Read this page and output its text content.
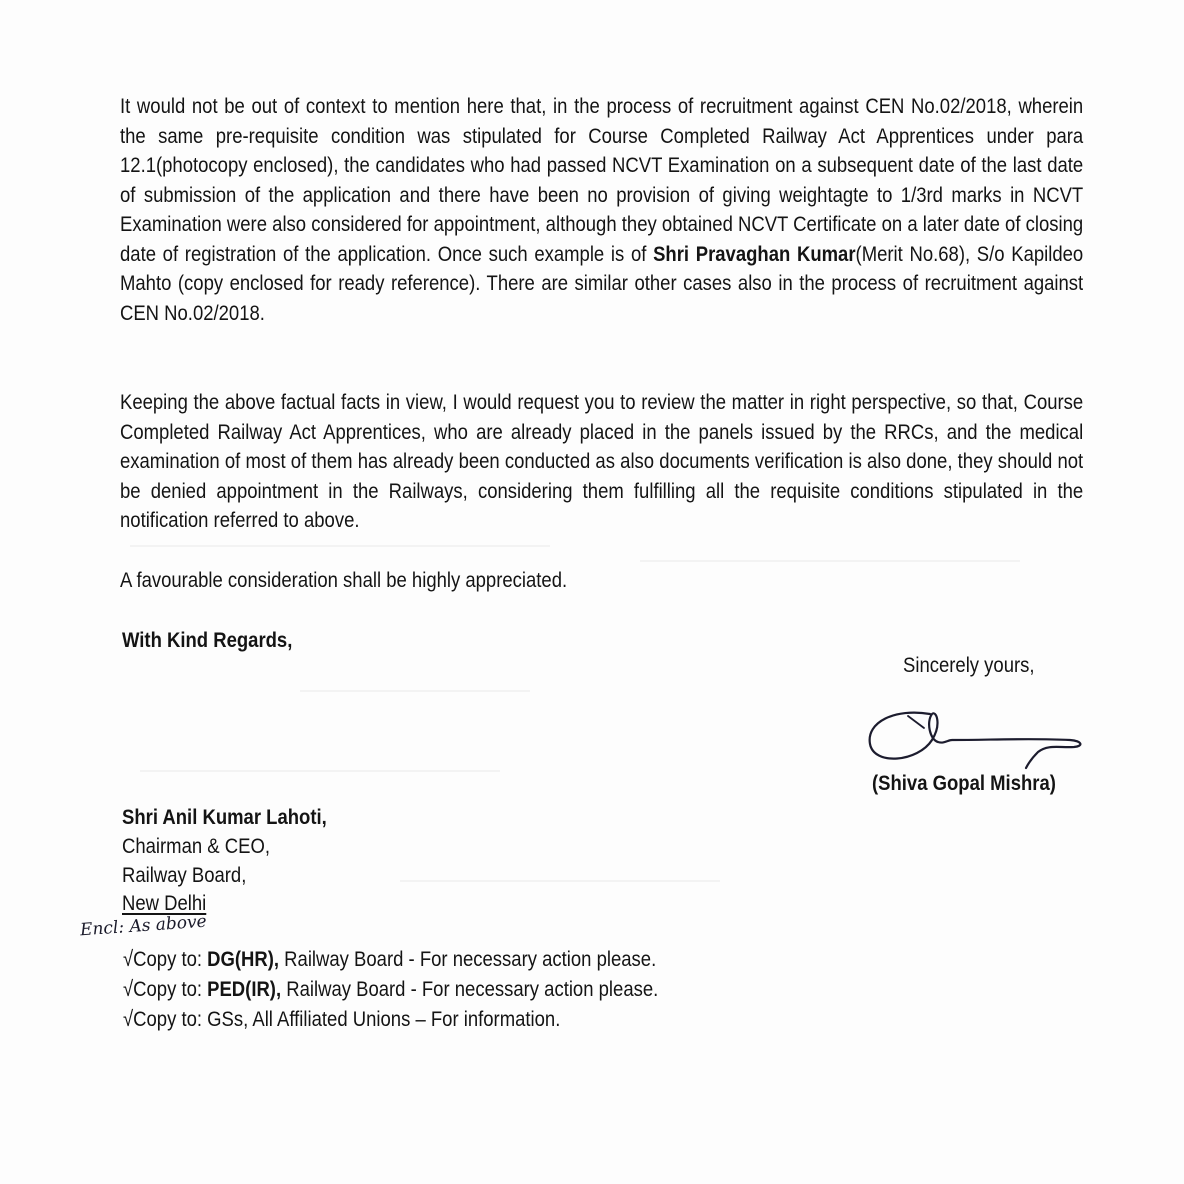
It would not be out of context to mention here that, in the process of recruitment against CEN No.02/2018, wherein the same pre-requisite condition was stipulated for Course Completed Railway Act Apprentices under para 12.1(photocopy enclosed), the candidates who had passed NCVT Examination on a subsequent date of the last date of submission of the application and there have been no provision of giving weightagte to 1/3rd marks in NCVT Examination were also considered for appointment, although they obtained NCVT Certificate on a later date of closing date of registration of the application. Once such example is of Shri Pravaghan Kumar(Merit No.68), S/o Kapildeo Mahto (copy enclosed for ready reference). There are similar other cases also in the process of recruitment against CEN No.02/2018.

Keeping the above factual facts in view, I would request you to review the matter in right perspective, so that, Course Completed Railway Act Apprentices, who are already placed in the panels issued by the RRCs, and the medical examination of most of them has already been conducted as also documents verification is also done, they should not be denied appointment in the Railways, considering them fulfilling all the requisite conditions stipulated in the notification referred to above.

A favourable consideration shall be highly appreciated.

With Kind Regards,
Sincerely yours,
(Shiva Gopal Mishra)
Shri Anil Kumar Lahoti,
Chairman & CEO,
Railway Board,
New Delhi
Encl: As above
√Copy to: DG(HR), Railway Board - For necessary action please.
√Copy to: PED(IR), Railway Board - For necessary action please.
√Copy to: GSs, All Affiliated Unions – For information.
